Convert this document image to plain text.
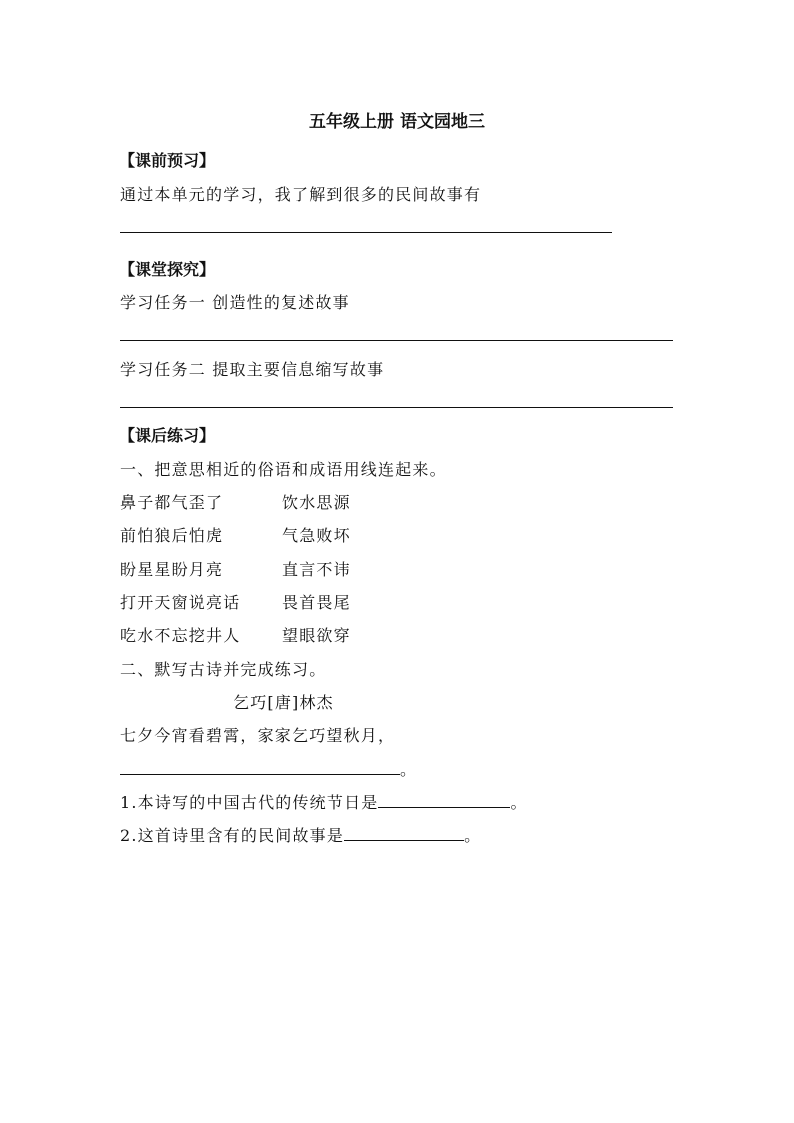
五年级上册 语文园地三
【课前预习】
通过本单元的学习，我了解到很多的民间故事有
【课堂探究】
学习任务一 创造性的复述故事
学习任务二 提取主要信息缩写故事
【课后练习】
一、把意思相近的俗语和成语用线连起来。
鼻子都气歪了	饮水思源
前怕狼后怕虎	气急败坏
盼星星盼月亮	直言不讳
打开天窗说亮话	畏首畏尾
吃水不忘挖井人	望眼欲穿
二、默写古诗并完成练习。
乞巧[唐]林杰
七夕今宵看碧霄，家家乞巧望秋月，
。
1.本诗写的中国古代的传统节日是	。
2.这首诗里含有的民间故事是	。
